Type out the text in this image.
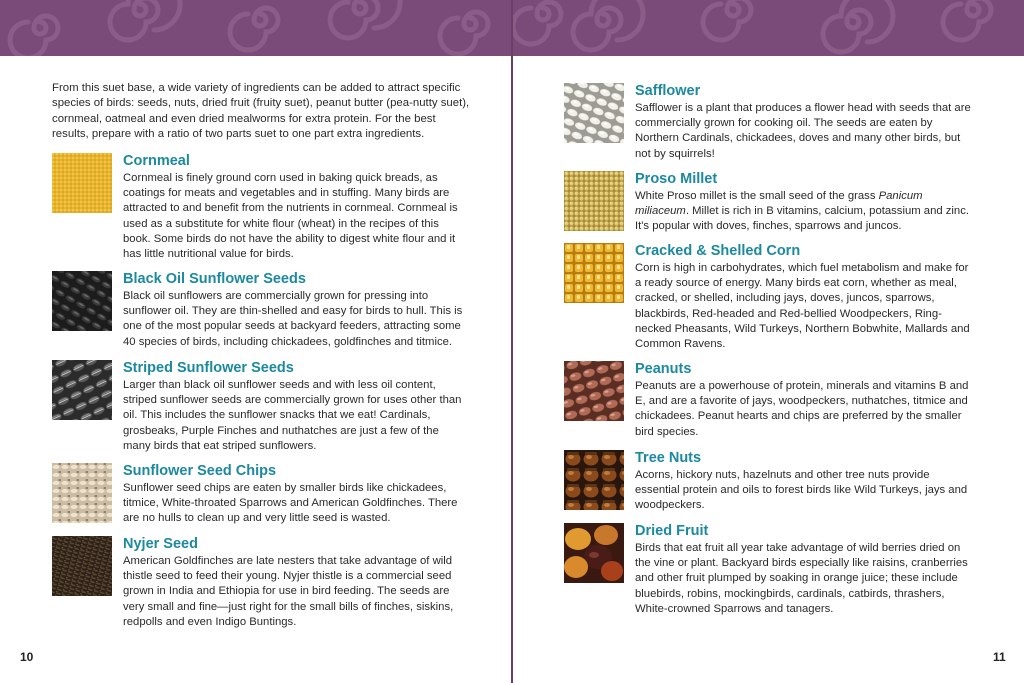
From this suet base, a wide variety of ingredients can be added to attract specific species of birds: seeds, nuts, dried fruit (fruity suet), peanut butter (pea-nutty suet), cornmeal, oatmeal and even dried mealworms for extra protein. For the best results, prepare with a ratio of two parts suet to one part extra ingredients.

Cornmeal

Cornmeal is finely ground corn used in baking quick breads, as coatings for meats and vegetables and in stuffing. Many birds are attracted to and benefit from the nutrients in cornmeal. Cornmeal is used as a substitute for white flour (wheat) in the recipes of this book. Some birds do not have the ability to digest white flour and it has little nutritional value for birds.

Black Oil Sunflower Seeds

Black oil sunflowers are commercially grown for pressing into sunflower oil. They are thin-shelled and easy for birds to hull. This is one of the most popular seeds at backyard feeders, attracting some 40 species of birds, including chickadees, goldfinches and titmice.

Striped Sunflower Seeds

Larger than black oil sunflower seeds and with less oil content, striped sunflower seeds are commercially grown for uses other than oil. This includes the sunflower snacks that we eat! Cardinals, grosbeaks, Purple Finches and nuthatches are just a few of the many birds that eat striped sunflowers.

Sunflower Seed Chips

Sunflower seed chips are eaten by smaller birds like chickadees, titmice, White-throated Sparrows and American Goldfinches. There are no hulls to clean up and very little seed is wasted.

Nyjer Seed

American Goldfinches are late nesters that take advantage of wild thistle seed to feed their young. Nyjer thistle is a commercial seed grown in India and Ethiopia for use in bird feeding. The seeds are very small and fine—just right for the small bills of finches, siskins, redpolls and even Indigo Buntings.

10
Safflower

Safflower is a plant that produces a flower head with seeds that are commercially grown for cooking oil. The seeds are eaten by Northern Cardinals, chickadees, doves and many other birds, but not by squirrels!

Proso Millet

White Proso millet is the small seed of the grass Panicum miliaceum. Millet is rich in B vitamins, calcium, potassium and zinc. It's popular with doves, finches, sparrows and juncos.

Cracked & Shelled Corn

Corn is high in carbohydrates, which fuel metabolism and make for a ready source of energy. Many birds eat corn, whether as meal, cracked, or shelled, including jays, doves, juncos, sparrows, blackbirds, Red-headed and Red-bellied Woodpeckers, Ring-necked Pheasants, Wild Turkeys, Northern Bobwhite, Mallards and Common Ravens.

Peanuts

Peanuts are a powerhouse of protein, minerals and vitamins B and E, and are a favorite of jays, woodpeckers, nuthatches, titmice and chickadees. Peanut hearts and chips are preferred by the smaller bird species.

Tree Nuts

Acorns, hickory nuts, hazelnuts and other tree nuts provide essential protein and oils to forest birds like Wild Turkeys, jays and woodpeckers.

Dried Fruit

Birds that eat fruit all year take advantage of wild berries dried on the vine or plant. Backyard birds especially like raisins, cranberries and other fruit plumped by soaking in orange juice; these include bluebirds, robins, mockingbirds, cardinals, catbirds, thrashers, White-crowned Sparrows and tanagers.

11
